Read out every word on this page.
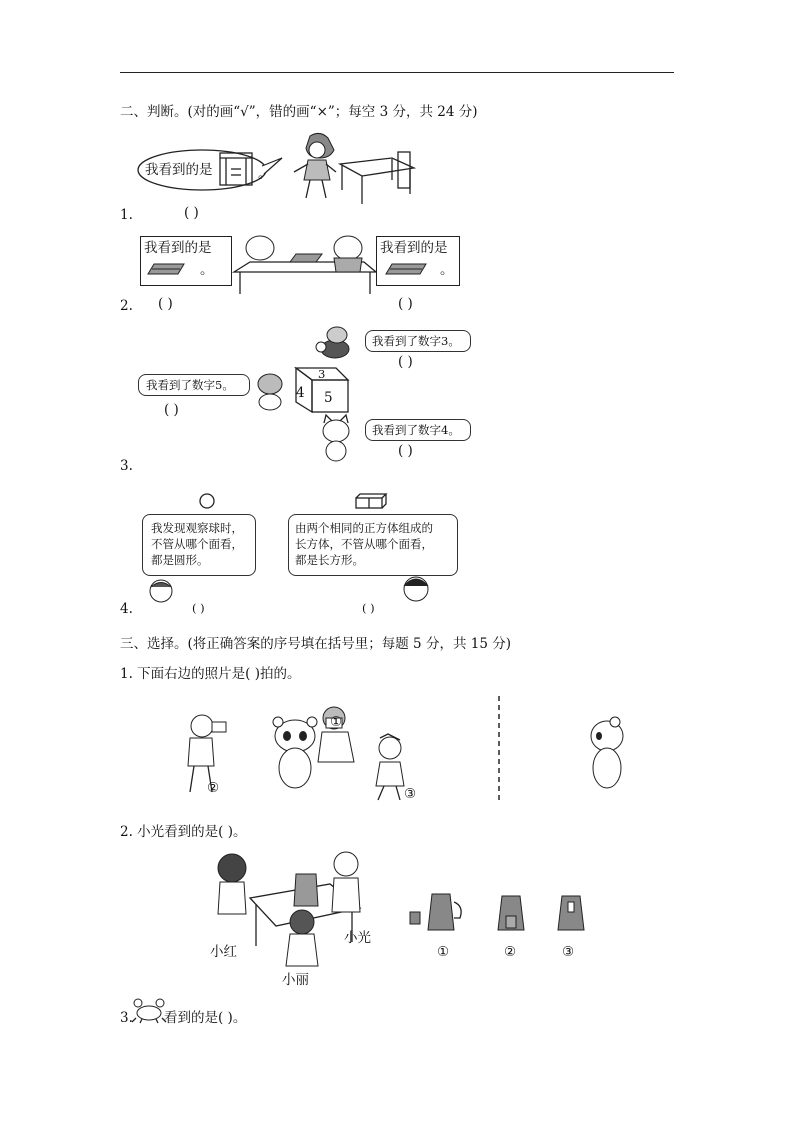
二、判断。(对的画“√”，错的画“×”；每空 3 分，共 24 分)
我看到的是	。
1.	( )
我看到的是
。
我看到的是
。
2. ( )	( )
我看到了数字3。
( )
我看到了数字5。
( )
4
3
5
我看到了数字4。
( )
3.
我发现观察球时，
不管从哪个面看，
都是圆形。
由两个相同的正方体组成的
长方体，不管从哪个面看，
都是长方形。
4.	( )	( )
三、选择。(将正确答案的序号填在括号里；每题 5 分，共 15 分)
1. 下面右边的照片是( )拍的。
②
①
③
2. 小光看到的是( )。
小红
小光
小丽
①	②	③
3. 看到的是( )。
